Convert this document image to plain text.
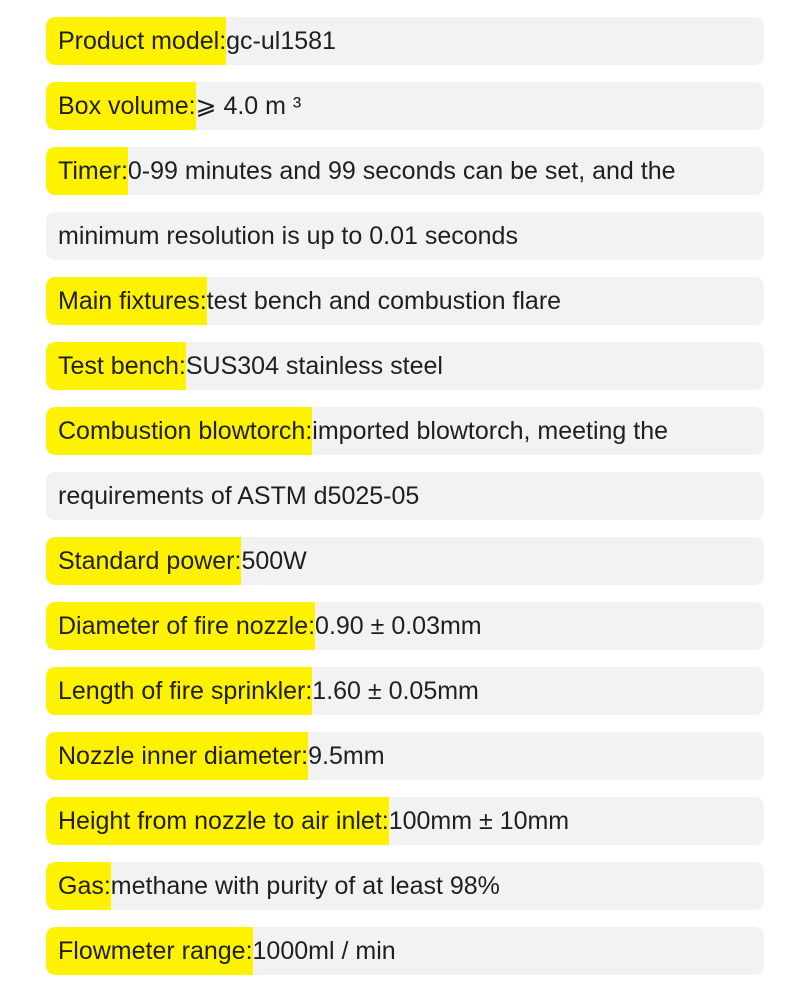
Product model: gc-ul1581
Box volume: ⩾ 4.0 m ³
Timer: 0-99 minutes and 99 seconds can be set, and the
minimum resolution is up to 0.01 seconds
Main fixtures: test bench and combustion flare
Test bench: SUS304 stainless steel
Combustion blowtorch: imported blowtorch, meeting the
requirements of ASTM d5025-05
Standard power: 500W
Diameter of fire nozzle: 0.90 ± 0.03mm
Length of fire sprinkler: 1.60 ± 0.05mm
Nozzle inner diameter: 9.5mm
Height from nozzle to air inlet: 100mm ± 10mm
Gas: methane with purity of at least 98%
Flowmeter range: 1000ml / min
